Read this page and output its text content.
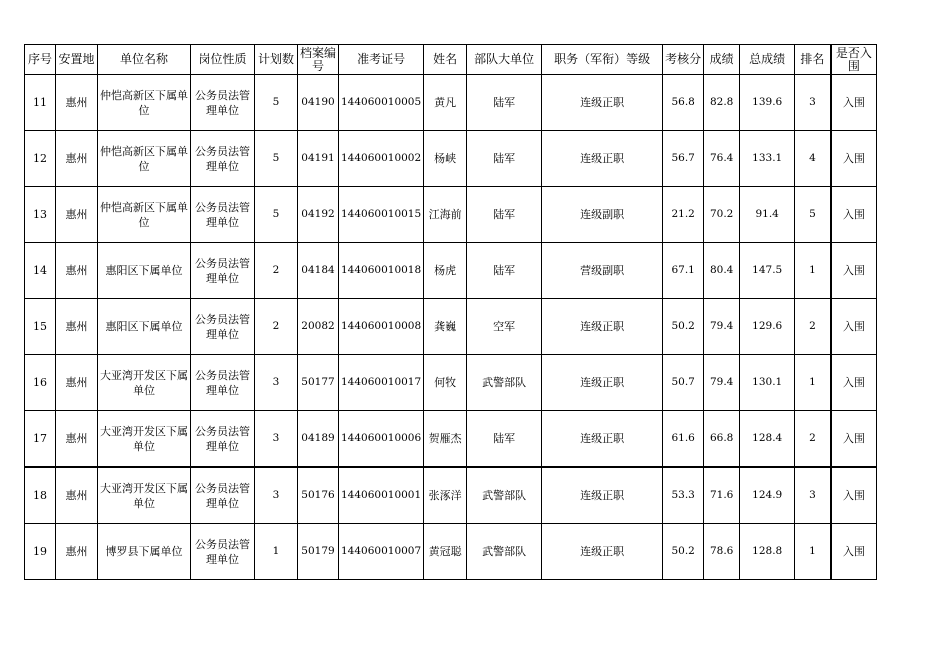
序号	安置地	单位名称	岗位性质	计划数	档案编号	准考证号	姓名	部队大单位	职务（军衔）等级	考核分	成绩	总成绩	排名	是否入围
11	惠州	仲恺高新区下属单位	公务员法管理单位	5	04190	144060010005	黄凡	陆军	连级正职	56.8	82.8	139.6	3	入围
12	惠州	仲恺高新区下属单位	公务员法管理单位	5	04191	144060010002	杨峡	陆军	连级正职	56.7	76.4	133.1	4	入围
13	惠州	仲恺高新区下属单位	公务员法管理单位	5	04192	144060010015	江海前	陆军	连级副职	21.2	70.2	91.4	5	入围
14	惠州	惠阳区下属单位	公务员法管理单位	2	04184	144060010018	杨虎	陆军	营级副职	67.1	80.4	147.5	1	入围
15	惠州	惠阳区下属单位	公务员法管理单位	2	20082	144060010008	龚巍	空军	连级正职	50.2	79.4	129.6	2	入围
16	惠州	大亚湾开发区下属单位	公务员法管理单位	3	50177	144060010017	何牧	武警部队	连级正职	50.7	79.4	130.1	1	入围
17	惠州	大亚湾开发区下属单位	公务员法管理单位	3	04189	144060010006	贺雁杰	陆军	连级正职	61.6	66.8	128.4	2	入围
18	惠州	大亚湾开发区下属单位	公务员法管理单位	3	50176	144060010001	张涿洋	武警部队	连级正职	53.3	71.6	124.9	3	入围
19	惠州	博罗县下属单位	公务员法管理单位	1	50179	144060010007	黄冠聪	武警部队	连级正职	50.2	78.6	128.8	1	入围
